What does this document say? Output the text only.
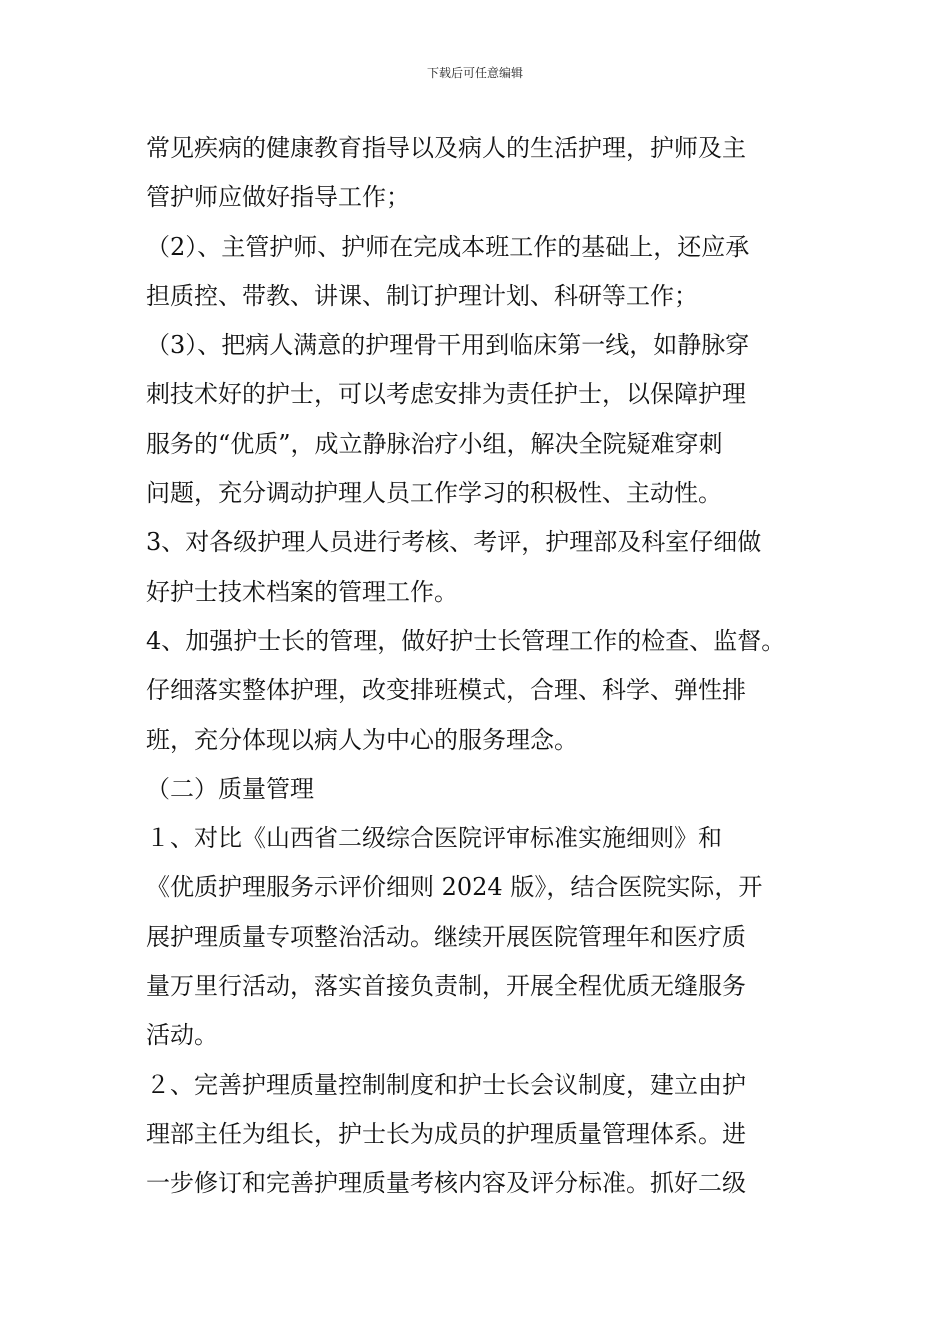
下载后可任意编辑
常见疾病的健康教育指导以及病人的生活护理，护师及主
管护师应做好指导工作；
（2）、主管护师、护师在完成本班工作的基础上，还应承
担质控、带教、讲课、制订护理计划、科研等工作；
（3）、把病人满意的护理骨干用到临床第一线，如静脉穿
刺技术好的护士，可以考虑安排为责任护士，以保障护理
服务的“优质”，成立静脉治疗小组，解决全院疑难穿刺
问题，充分调动护理人员工作学习的积极性、主动性。
3、对各级护理人员进行考核、考评，护理部及科室仔细做
好护士技术档案的管理工作。
4、加强护士长的管理，做好护士长管理工作的检查、监督。
仔细落实整体护理，改变排班模式，合理、科学、弹性排
班，充分体现以病人为中心的服务理念。
（二）质量管理
１、对比《山西省二级综合医院评审标准实施细则》和
《优质护理服务示评价细则 2024 版》，结合医院实际，开
展护理质量专项整治活动。继续开展医院管理年和医疗质
量万里行活动，落实首接负责制，开展全程优质无缝服务
活动。
２、完善护理质量控制制度和护士长会议制度，建立由护
理部主任为组长，护士长为成员的护理质量管理体系。进
一步修订和完善护理质量考核内容及评分标准。抓好二级
